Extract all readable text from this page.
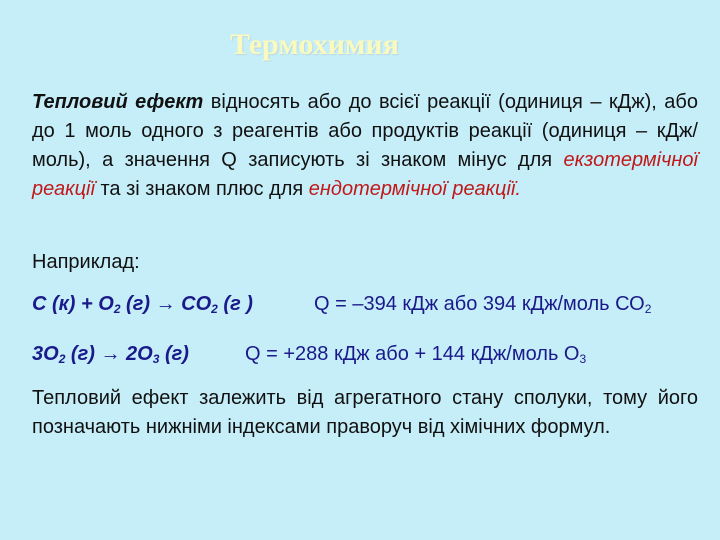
Термохимия

Тепловий ефект відносять або до всієї реакції (одиниця – кДж), або до 1 моль одного з реагентів або продуктів реакції (одиниця – кДж/моль), а значення Q записують зі знаком мінус для екзотермічної реакції та зі знаком плюс для ендотермічної реакції.

Наприклад:

С $(к) + О_2$ $(г) \to СО_2$ (г )	Q = –394 кДж або 394 кДж/моль $СО_2$

$3О_2$ $(г) \to 2О_3$ (г)	Q = +288 кДж або + 144 кДж/моль $О_3$

Тепловий ефект залежить від агрегатного стану сполуки, тому його позначають нижніми індексами праворуч від хімічних формул.
